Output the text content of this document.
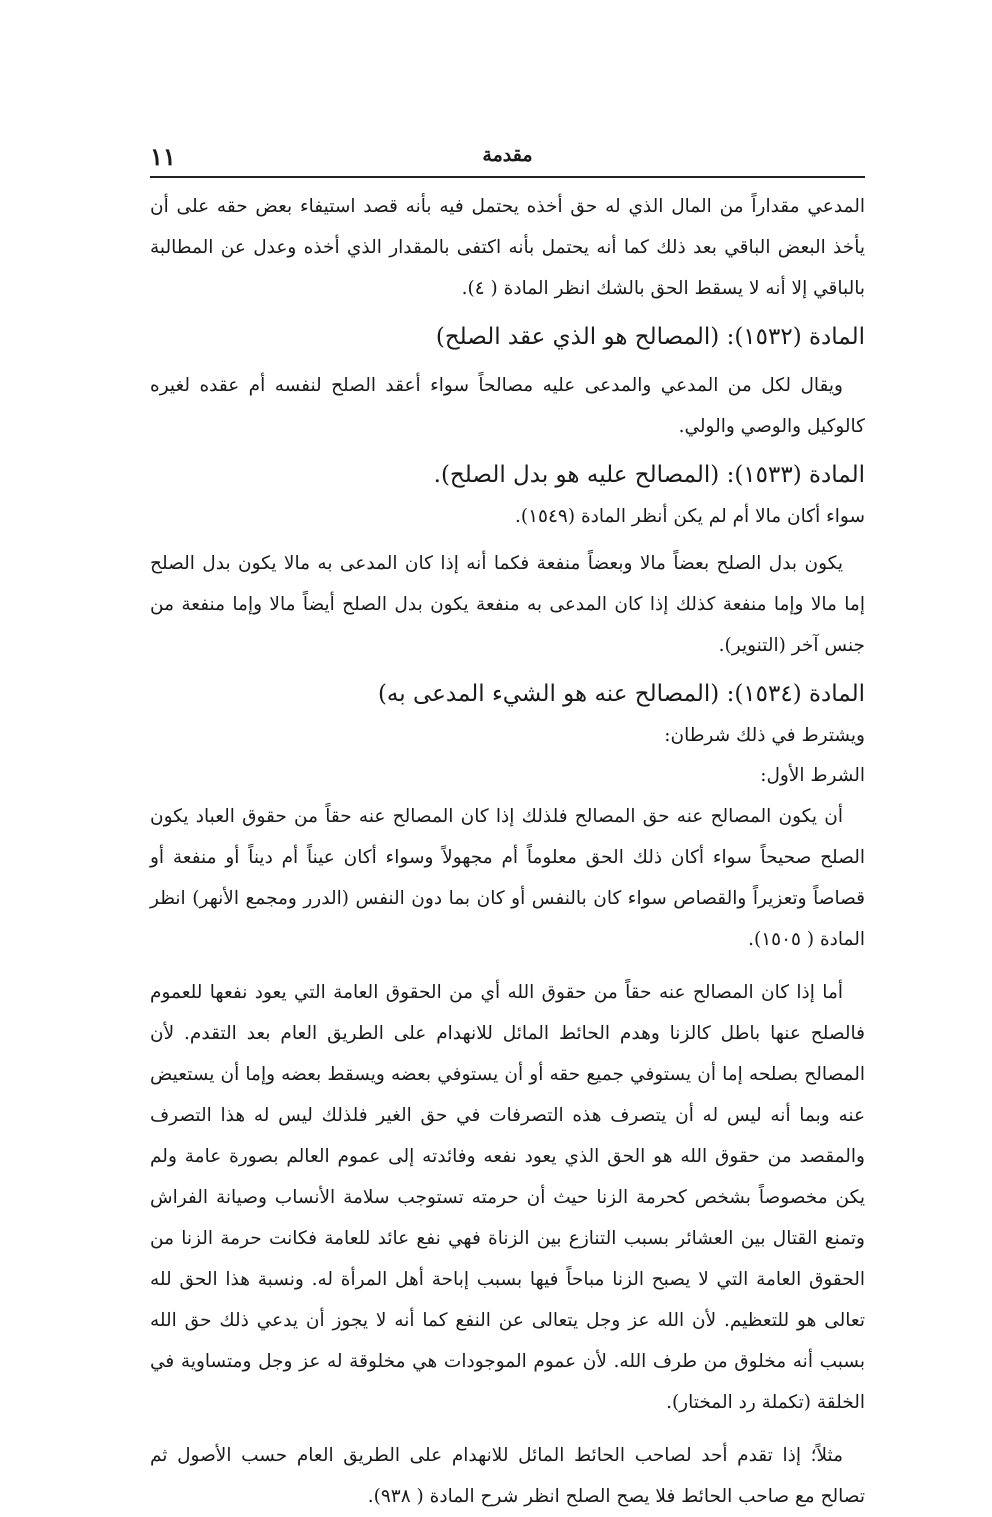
مقدمة
١١

المدعي مقداراً من المال الذي له حق أخذه يحتمل فيه بأنه قصد استيفاء بعض حقه على أن يأخذ البعض الباقي بعد ذلك كما أنه يحتمل بأنه اكتفى بالمقدار الذي أخذه وعدل عن المطالبة بالباقي إلا أنه لا يسقط الحق بالشك انظر المادة ( ٤).

المادة (١٥٣٢): (المصالح هو الذي عقد الصلح)

ويقال لكل من المدعي والمدعى عليه مصالحاً سواء أعقد الصلح لنفسه أم عقده لغيره كالوكيل والوصي والولي.

المادة (١٥٣٣): (المصالح عليه هو بدل الصلح).
سواء أكان مالا أم لم يكن أنظر المادة (١٥٤٩).

يكون بدل الصلح بعضاً مالا وبعضاً منفعة فكما أنه إذا كان المدعى به مالا يكون بدل الصلح إما مالا وإما منفعة كذلك إذا كان المدعى به منفعة يكون بدل الصلح أيضاً مالا وإما منفعة من جنس آخر (التنوير).

المادة (١٥٣٤): (المصالح عنه هو الشيء المدعى به)
ويشترط في ذلك شرطان:
الشرط الأول:

أن يكون المصالح عنه حق المصالح فلذلك إذا كان المصالح عنه حقاً من حقوق العباد يكون الصلح صحيحاً سواء أكان ذلك الحق معلوماً أم مجهولاً وسواء أكان عيناً أم ديناً أو منفعة أو قصاصاً وتعزيراً والقصاص سواء كان بالنفس أو كان بما دون النفس (الدرر ومجمع الأنهر) انظر المادة ( ١٥٠٥).

أما إذا كان المصالح عنه حقاً من حقوق الله أي من الحقوق العامة التي يعود نفعها للعموم فالصلح عنها باطل كالزنا وهدم الحائط المائل للانهدام على الطريق العام بعد التقدم. لأن المصالح بصلحه إما أن يستوفي جميع حقه أو أن يستوفي بعضه ويسقط بعضه وإما أن يستعيض عنه وبما أنه ليس له أن يتصرف هذه التصرفات في حق الغير فلذلك ليس له هذا التصرف والمقصد من حقوق الله هو الحق الذي يعود نفعه وفائدته إلى عموم العالم بصورة عامة ولم يكن مخصوصاً بشخص كحرمة الزنا حيث أن حرمته تستوجب سلامة الأنساب وصيانة الفراش وتمنع القتال بين العشائر بسبب التنازع بين الزناة فهي نفع عائد للعامة فكانت حرمة الزنا من الحقوق العامة التي لا يصبح الزنا مباحاً فيها بسبب إباحة أهل المرأة له. ونسبة هذا الحق لله تعالى هو للتعظيم. لأن الله عز وجل يتعالى عن النفع كما أنه لا يجوز أن يدعي ذلك حق الله بسبب أنه مخلوق من طرف الله. لأن عموم الموجودات هي مخلوقة له عز وجل ومتساوية في الخلقة (تكملة رد المختار).

مثلاً؛ إذا تقدم أحد لصاحب الحائط المائل للانهدام على الطريق العام حسب الأصول ثم تصالح مع صاحب الحائط فلا يصح الصلح انظر شرح المادة ( ٩٣٨).
